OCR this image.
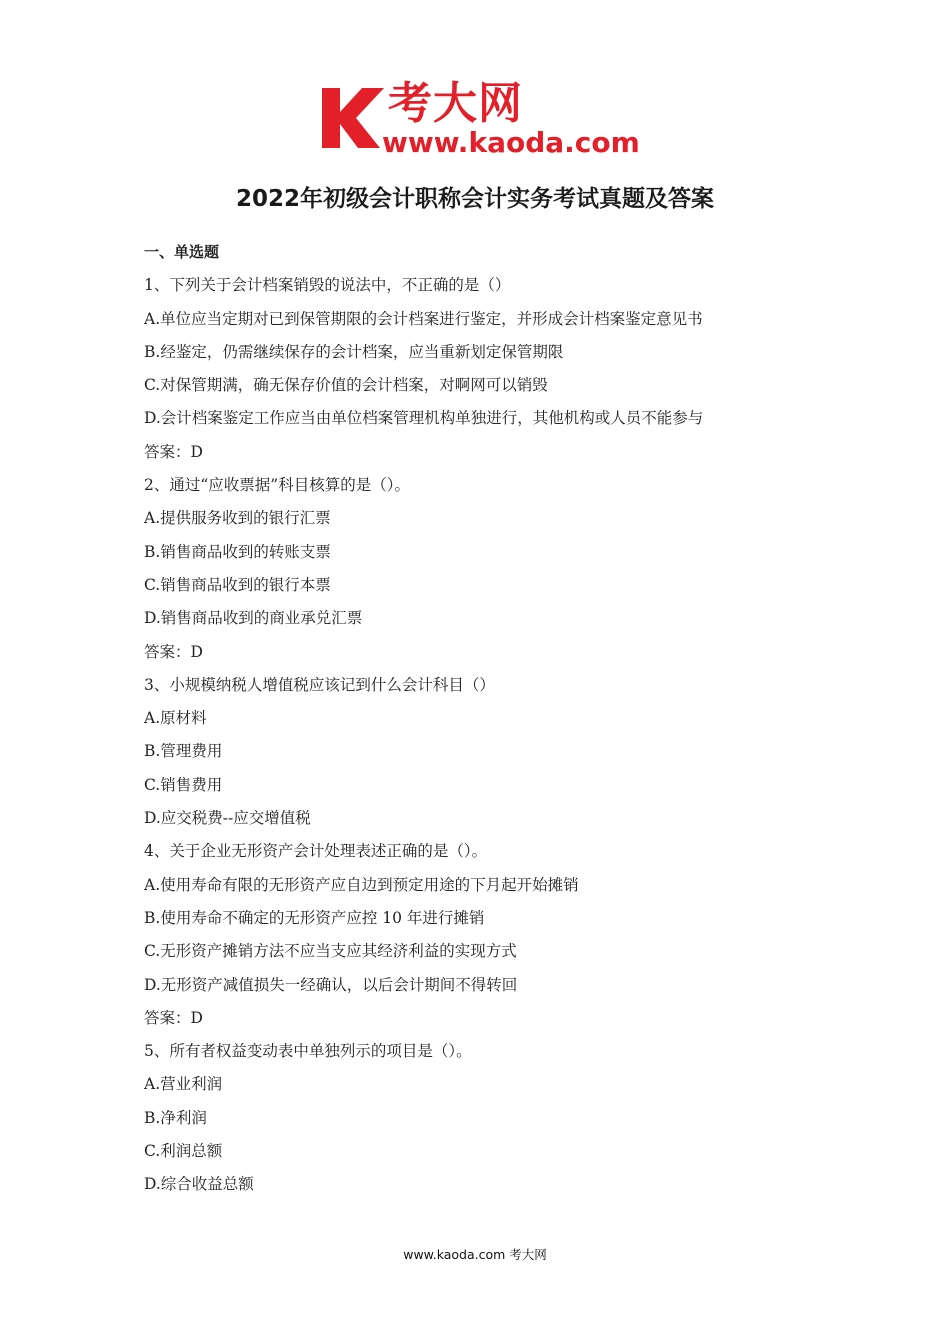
考大网
www.kaoda.com
2022年初级会计职称会计实务考试真题及答案
一、单选题
1、下列关于会计档案销毁的说法中，不正确的是（）
A.单位应当定期对已到保管期限的会计档案进行鉴定，并形成会计档案鉴定意见书
B.经鉴定，仍需继续保存的会计档案，应当重新划定保管期限
C.对保管期满，确无保存价值的会计档案，对啊网可以销毁
D.会计档案鉴定工作应当由单位档案管理机构单独进行，其他机构或人员不能参与
答案：D
2、通过“应收票据”科目核算的是（）。
A.提供服务收到的银行汇票
B.销售商品收到的转账支票
C.销售商品收到的银行本票
D.销售商品收到的商业承兑汇票
答案：D
3、小规模纳税人增值税应该记到什么会计科目（）
A.原材料
B.管理费用
C.销售费用
D.应交税费--应交增值税
4、关于企业无形资产会计处理表述正确的是（）。
A.使用寿命有限的无形资产应自边到预定用途的下月起开始摊销
B.使用寿命不确定的无形资产应控 10 年进行摊销
C.无形资产摊销方法不应当支应其经济利益的实现方式
D.无形资产减值损失一经确认，以后会计期间不得转回
答案：D
5、所有者权益变动表中单独列示的项目是（）。
A.营业利润
B.净利润
C.利润总额
D.综合收益总额
www.kaoda.com 考大网
